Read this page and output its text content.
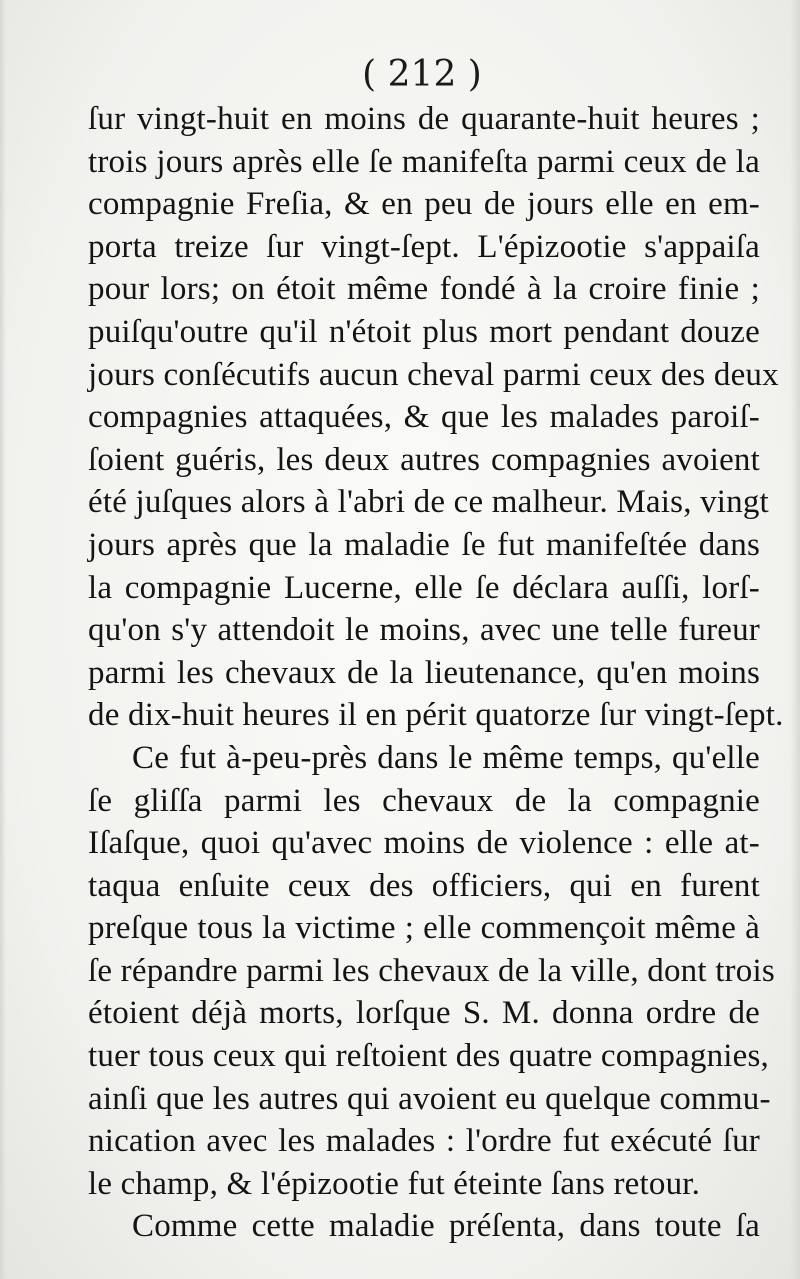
( 212 )
ſur vingt-huit en moins de quarante-huit heures ;
trois jours après elle ſe manifeſta parmi ceux de la
compagnie Freſia, & en peu de jours elle en em-
porta treize ſur vingt-ſept. L'épizootie s'appaiſa
pour lors; on étoit même fondé à la croire finie ;
puiſqu'outre qu'il n'étoit plus mort pendant douze
jours conſécutifs aucun cheval parmi ceux des deux
compagnies attaquées, & que les malades paroiſ-
ſoient guéris, les deux autres compagnies avoient
été juſques alors à l'abri de ce malheur. Mais, vingt
jours après que la maladie ſe fut manifeſtée dans
la compagnie Lucerne, elle ſe déclara auſſi, lorſ-
qu'on s'y attendoit le moins, avec une telle fureur
parmi les chevaux de la lieutenance, qu'en moins
de dix-huit heures il en périt quatorze ſur vingt-ſept.
Ce fut à-peu-près dans le même temps, qu'elle
ſe gliſſa parmi les chevaux de la compagnie
Iſaſque, quoi qu'avec moins de violence : elle at-
taqua enſuite ceux des officiers, qui en furent
preſque tous la victime ; elle commençoit même à
ſe répandre parmi les chevaux de la ville, dont trois
étoient déjà morts, lorſque S. M. donna ordre de
tuer tous ceux qui reſtoient des quatre compagnies,
ainſi que les autres qui avoient eu quelque commu-
nication avec les malades : l'ordre fut exécuté ſur
le champ, & l'épizootie fut éteinte ſans retour.
Comme cette maladie préſenta, dans toute ſa
